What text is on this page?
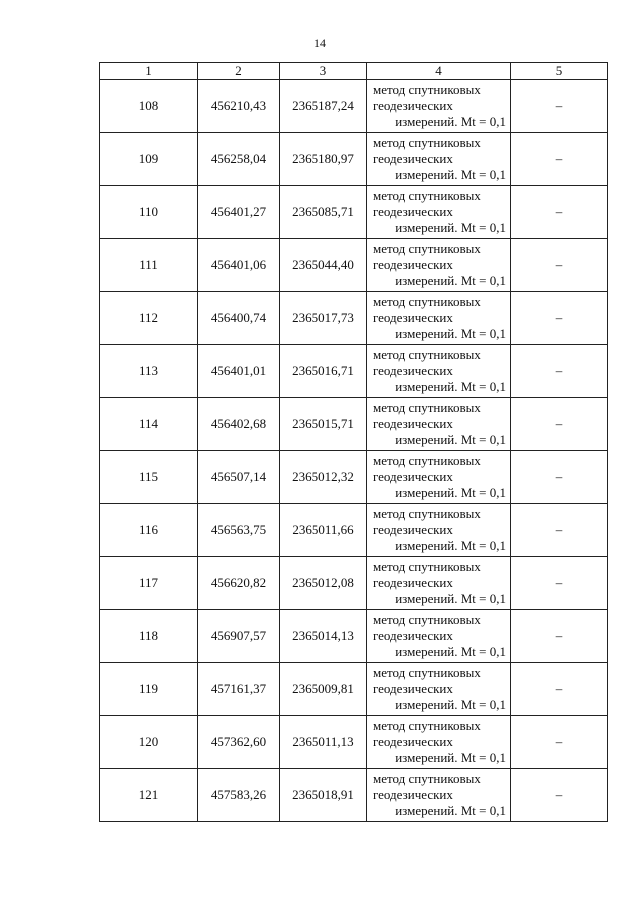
14
1	2	3	4	5
108	456210,43	2365187,24	метод спутниковых
геодезических
измерений. Mt = 0,1	–
109	456258,04	2365180,97	метод спутниковых
геодезических
измерений. Mt = 0,1	–
110	456401,27	2365085,71	метод спутниковых
геодезических
измерений. Mt = 0,1	–
111	456401,06	2365044,40	метод спутниковых
геодезических
измерений. Mt = 0,1	–
112	456400,74	2365017,73	метод спутниковых
геодезических
измерений. Mt = 0,1	–
113	456401,01	2365016,71	метод спутниковых
геодезических
измерений. Mt = 0,1	–
114	456402,68	2365015,71	метод спутниковых
геодезических
измерений. Mt = 0,1	–
115	456507,14	2365012,32	метод спутниковых
геодезических
измерений. Mt = 0,1	–
116	456563,75	2365011,66	метод спутниковых
геодезических
измерений. Mt = 0,1	–
117	456620,82	2365012,08	метод спутниковых
геодезических
измерений. Mt = 0,1	–
118	456907,57	2365014,13	метод спутниковых
геодезических
измерений. Mt = 0,1	–
119	457161,37	2365009,81	метод спутниковых
геодезических
измерений. Mt = 0,1	–
120	457362,60	2365011,13	метод спутниковых
геодезических
измерений. Mt = 0,1	–
121	457583,26	2365018,91	метод спутниковых
геодезических
измерений. Mt = 0,1	–
